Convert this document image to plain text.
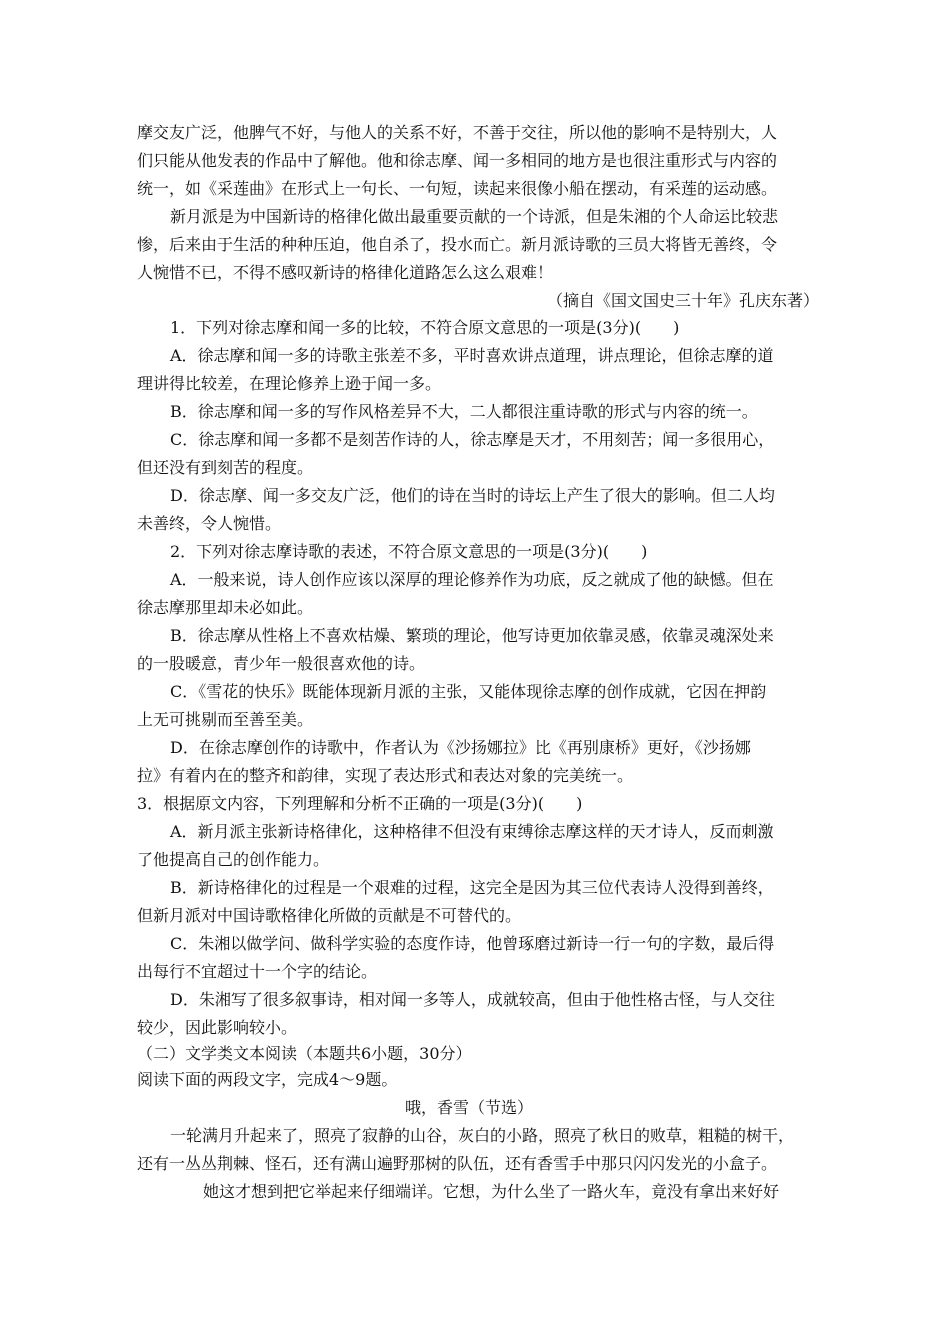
摩交友广泛，他脾气不好，与他人的关系不好，不善于交往，所以他的影响不是特别大，人
们只能从他发表的作品中了解他。他和徐志摩、闻一多相同的地方是也很注重形式与内容的
统一，如《采莲曲》在形式上一句长、一句短，读起来很像小船在摆动，有采莲的运动感。
新月派是为中国新诗的格律化做出最重要贡献的一个诗派，但是朱湘的个人命运比较悲
惨，后来由于生活的种种压迫，他自杀了，投水而亡。新月派诗歌的三员大将皆无善终，令
人惋惜不已，不得不感叹新诗的格律化道路怎么这么艰难！
（摘自《国文国史三十年》孔庆东著）
1．下列对徐志摩和闻一多的比较，不符合原文意思的一项是(3分)(　　)
A．徐志摩和闻一多的诗歌主张差不多，平时喜欢讲点道理，讲点理论，但徐志摩的道
理讲得比较差，在理论修养上逊于闻一多。
B．徐志摩和闻一多的写作风格差异不大，二人都很注重诗歌的形式与内容的统一。
C．徐志摩和闻一多都不是刻苦作诗的人，徐志摩是天才，不用刻苦；闻一多很用心，
但还没有到刻苦的程度。
D．徐志摩、闻一多交友广泛，他们的诗在当时的诗坛上产生了很大的影响。但二人均
未善终，令人惋惜。
2．下列对徐志摩诗歌的表述，不符合原文意思的一项是(3分)(　　)
A．一般来说，诗人创作应该以深厚的理论修养作为功底，反之就成了他的缺憾。但在
徐志摩那里却未必如此。
B．徐志摩从性格上不喜欢枯燥、繁琐的理论，他写诗更加依靠灵感，依靠灵魂深处来
的一股暖意，青少年一般很喜欢他的诗。
C．《雪花的快乐》既能体现新月派的主张，又能体现徐志摩的创作成就，它因在押韵
上无可挑剔而至善至美。
D．在徐志摩创作的诗歌中，作者认为《沙扬娜拉》比《再别康桥》更好，《沙扬娜
拉》有着内在的整齐和韵律，实现了表达形式和表达对象的完美统一。
3．根据原文内容，下列理解和分析不正确的一项是(3分)(　　)
A．新月派主张新诗格律化，这种格律不但没有束缚徐志摩这样的天才诗人，反而刺激
了他提高自己的创作能力。
B．新诗格律化的过程是一个艰难的过程，这完全是因为其三位代表诗人没得到善终，
但新月派对中国诗歌格律化所做的贡献是不可替代的。
C．朱湘以做学问、做科学实验的态度作诗，他曾琢磨过新诗一行一句的字数，最后得
出每行不宜超过十一个字的结论。
D．朱湘写了很多叙事诗，相对闻一多等人，成就较高，但由于他性格古怪，与人交往
较少，因此影响较小。
（二）文学类文本阅读（本题共6小题，30分）
阅读下面的两段文字，完成4～9题。
哦，香雪（节选）
一轮满月升起来了，照亮了寂静的山谷，灰白的小路，照亮了秋日的败草，粗糙的树干，
还有一丛丛荆棘、怪石，还有满山遍野那树的队伍，还有香雪手中那只闪闪发光的小盒子。
她这才想到把它举起来仔细端详。它想，为什么坐了一路火车，竟没有拿出来好好
